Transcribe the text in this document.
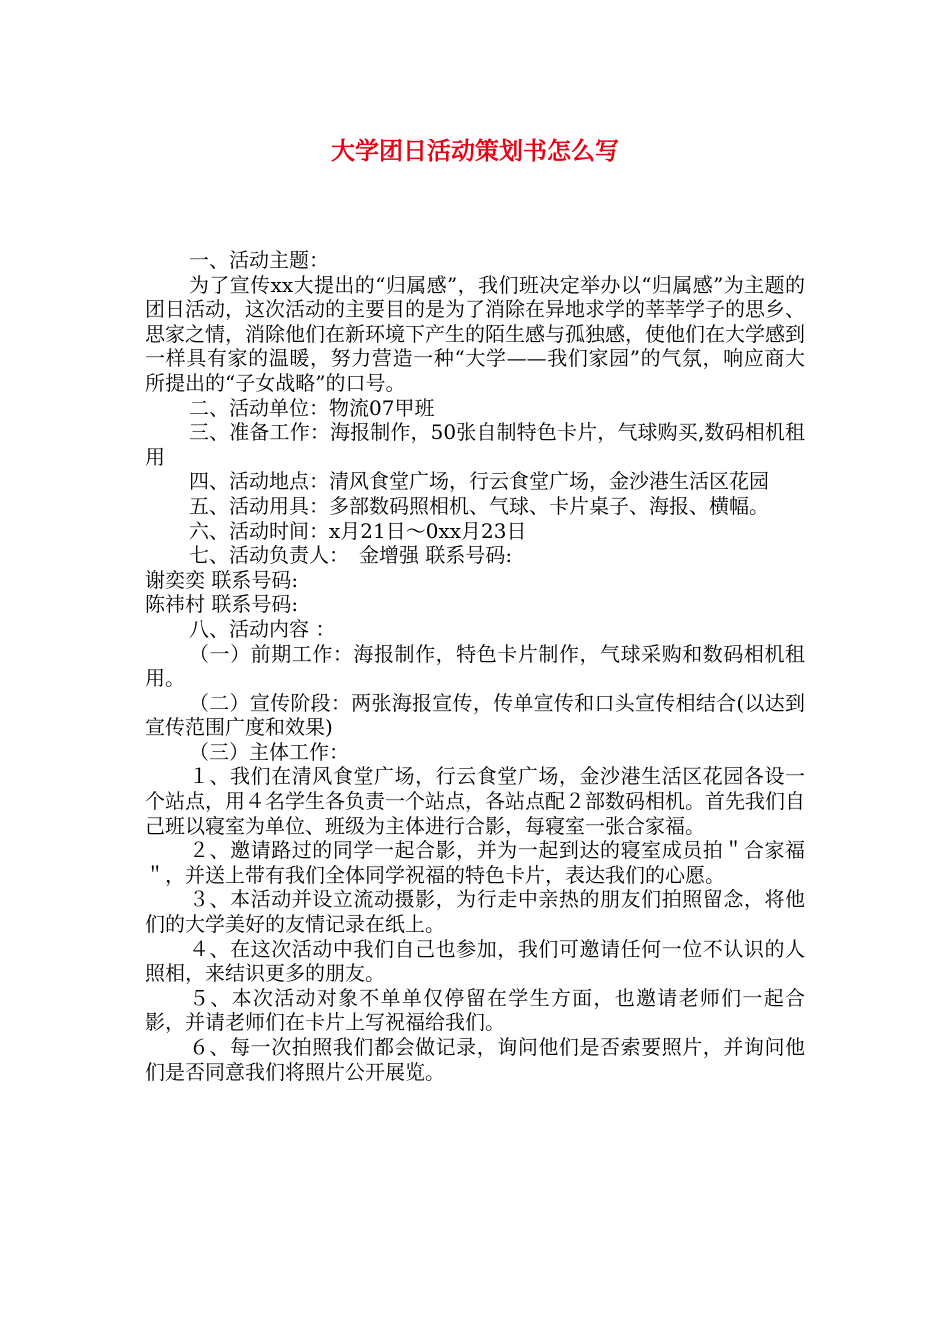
大学团日活动策划书怎么写

一、活动主题：

为了宣传xx大提出的“归属感”，我们班决定举办以“归属感”为主题的团日活动，这次活动的主要目的是为了消除在异地求学的莘莘学子的思乡、思家之情，消除他们在新环境下产生的陌生感与孤独感，使他们在大学感到一样具有家的温暖，努力营造一种“大学——我们家园”的气氛，响应商大所提出的“子女战略”的口号。

二、活动单位：物流07甲班

三、准备工作：海报制作，50张自制特色卡片，气球购买,数码相机租用

四、活动地点：清风食堂广场，行云食堂广场，金沙港生活区花园

五、活动用具：多部数码照相机、气球、卡片桌子、海报、横幅。

六、活动时间：x月21日～0xx月23日

七、活动负责人：　金增强 联系号码:

谢奕奕 联系号码:

陈祎村 联系号码:

八、活动内容 ：

（一）前期工作：海报制作，特色卡片制作，气球采购和数码相机租用。

（二）宣传阶段：两张海报宣传，传单宣传和口头宣传相结合(以达到宣传范围广度和效果)

（三）主体工作：

１、我们在清风食堂广场，行云食堂广场，金沙港生活区花园各设一个站点，用４名学生各负责一个站点，各站点配２部数码相机。首先我们自己班以寝室为单位、班级为主体进行合影，每寝室一张合家福。

２、邀请路过的同学一起合影，并为一起到达的寝室成员拍＂合家福＂，并送上带有我们全体同学祝福的特色卡片，表达我们的心愿。

３、本活动并设立流动摄影，为行走中亲热的朋友们拍照留念，将他们的大学美好的友情记录在纸上。

４、在这次活动中我们自己也参加，我们可邀请任何一位不认识的人照相，来结识更多的朋友。

５、本次活动对象不单单仅停留在学生方面，也邀请老师们一起合影，并请老师们在卡片上写祝福给我们。

６、每一次拍照我们都会做记录，询问他们是否索要照片，并询问他们是否同意我们将照片公开展览。
